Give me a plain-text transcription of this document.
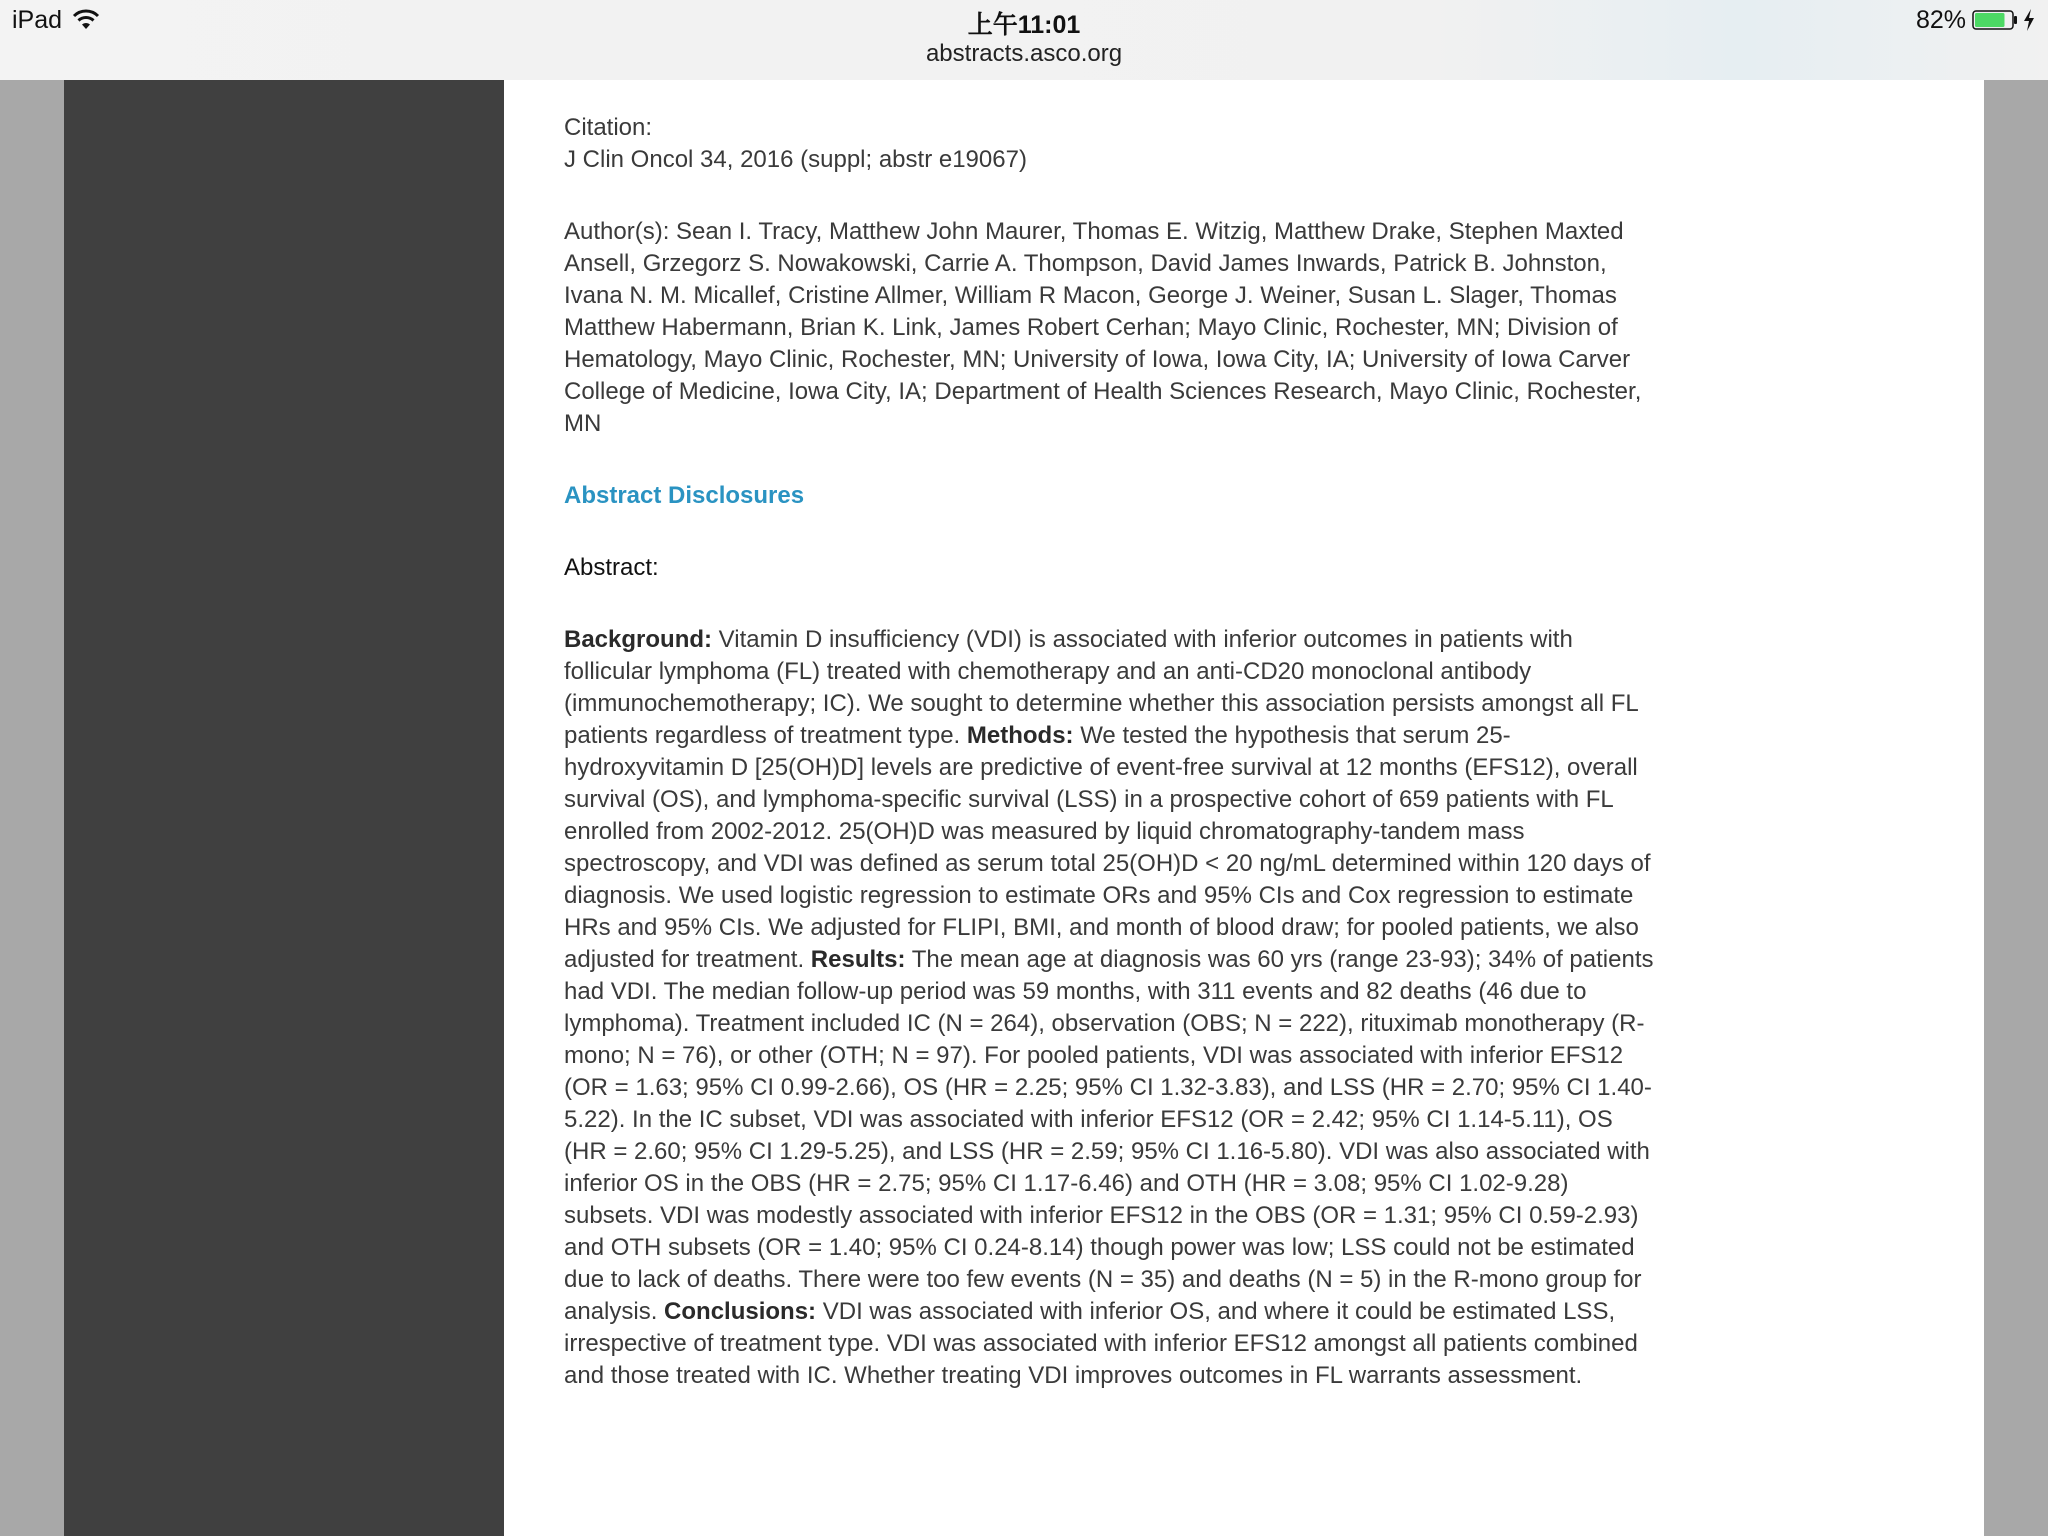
iPad	上午11:01
abstracts.asco.org
82%
Citation:
J Clin Oncol 34, 2016 (suppl; abstr e19067)
Author(s): Sean I. Tracy, Matthew John Maurer, Thomas E. Witzig, Matthew Drake, Stephen Maxted Ansell, Grzegorz S. Nowakowski, Carrie A. Thompson, David James Inwards, Patrick B. Johnston, Ivana N. M. Micallef, Cristine Allmer, William R Macon, George J. Weiner, Susan L. Slager, Thomas Matthew Habermann, Brian K. Link, James Robert Cerhan; Mayo Clinic, Rochester, MN; Division of Hematology, Mayo Clinic, Rochester, MN; University of Iowa, Iowa City, IA; University of Iowa Carver College of Medicine, Iowa City, IA; Department of Health Sciences Research, Mayo Clinic, Rochester, MN
Abstract Disclosures
Abstract:
Background: Vitamin D insufficiency (VDI) is associated with inferior outcomes in patients with follicular lymphoma (FL) treated with chemotherapy and an anti-CD20 monoclonal antibody (immunochemotherapy; IC). We sought to determine whether this association persists amongst all FL patients regardless of treatment type. Methods: We tested the hypothesis that serum 25-hydroxyvitamin D [25(OH)D] levels are predictive of event-free survival at 12 months (EFS12), overall survival (OS), and lymphoma-specific survival (LSS) in a prospective cohort of 659 patients with FL enrolled from 2002-2012. 25(OH)D was measured by liquid chromatography-tandem mass spectroscopy, and VDI was defined as serum total 25(OH)D < 20 ng/mL determined within 120 days of diagnosis. We used logistic regression to estimate ORs and 95% CIs and Cox regression to estimate HRs and 95% CIs. We adjusted for FLIPI, BMI, and month of blood draw; for pooled patients, we also adjusted for treatment. Results: The mean age at diagnosis was 60 yrs (range 23-93); 34% of patients had VDI. The median follow-up period was 59 months, with 311 events and 82 deaths (46 due to lymphoma). Treatment included IC (N = 264), observation (OBS; N = 222), rituximab monotherapy (R-mono; N = 76), or other (OTH; N = 97). For pooled patients, VDI was associated with inferior EFS12 (OR = 1.63; 95% CI 0.99-2.66), OS (HR = 2.25; 95% CI 1.32-3.83), and LSS (HR = 2.70; 95% CI 1.40-5.22). In the IC subset, VDI was associated with inferior EFS12 (OR = 2.42; 95% CI 1.14-5.11), OS (HR = 2.60; 95% CI 1.29-5.25), and LSS (HR = 2.59; 95% CI 1.16-5.80). VDI was also associated with inferior OS in the OBS (HR = 2.75; 95% CI 1.17-6.46) and OTH (HR = 3.08; 95% CI 1.02-9.28) subsets. VDI was modestly associated with inferior EFS12 in the OBS (OR = 1.31; 95% CI 0.59-2.93) and OTH subsets (OR = 1.40; 95% CI 0.24-8.14) though power was low; LSS could not be estimated due to lack of deaths. There were too few events (N = 35) and deaths (N = 5) in the R-mono group for analysis. Conclusions: VDI was associated with inferior OS, and where it could be estimated LSS, irrespective of treatment type. VDI was associated with inferior EFS12 amongst all patients combined and those treated with IC. Whether treating VDI improves outcomes in FL warrants assessment.
